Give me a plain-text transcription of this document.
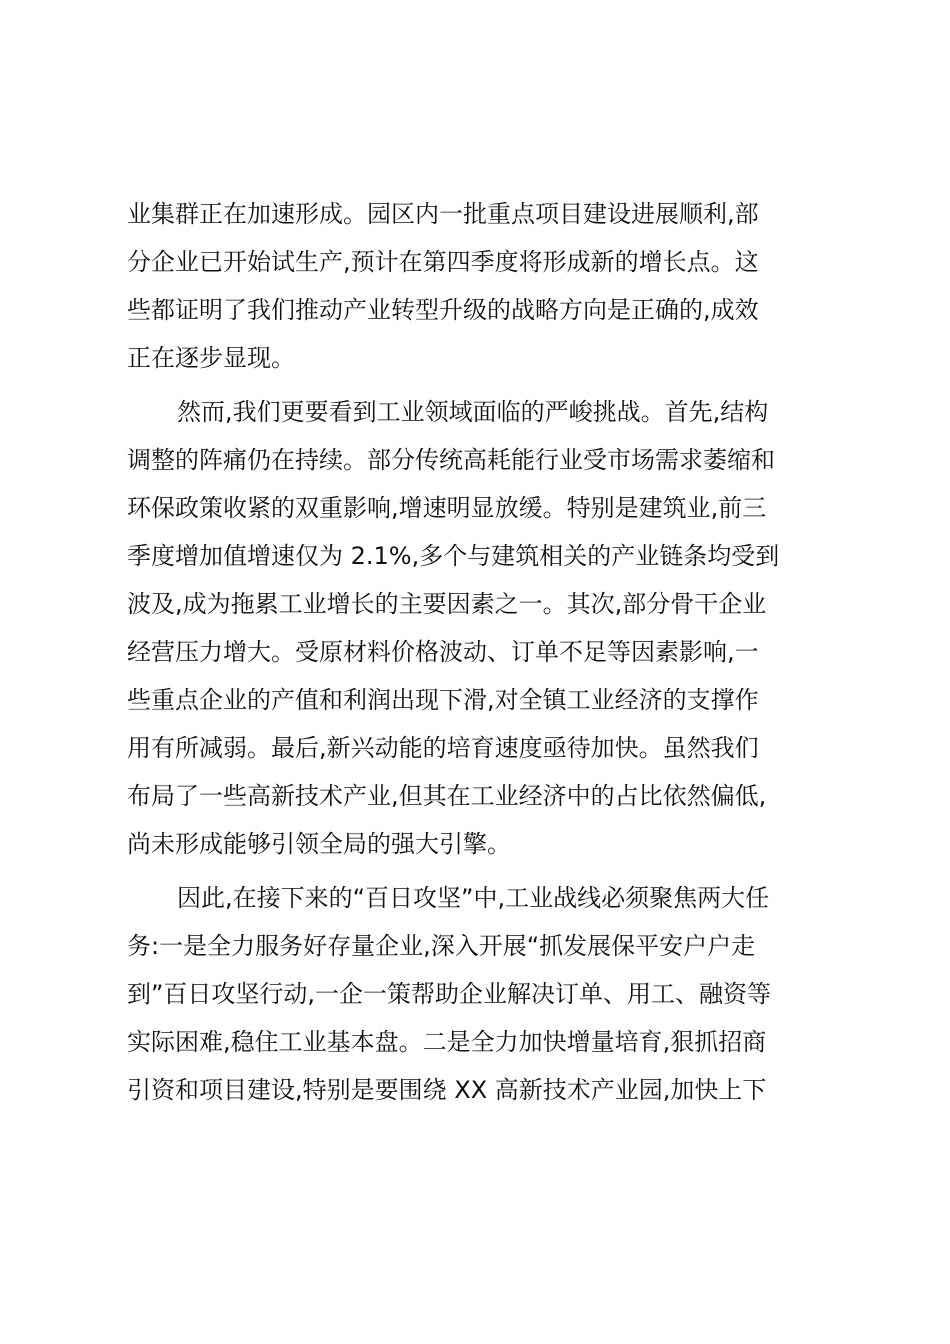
业集群正在加速形成。园区内一批重点项目建设进展顺利,部
分企业已开始试生产,预计在第四季度将形成新的增长点。这
些都证明了我们推动产业转型升级的战略方向是正确的,成效
正在逐步显现。

然而,我们更要看到工业领域面临的严峻挑战。首先,结构
调整的阵痛仍在持续。部分传统高耗能行业受市场需求萎缩和
环保政策收紧的双重影响,增速明显放缓。特别是建筑业,前三
季度增加值增速仅为 2.1%,多个与建筑相关的产业链条均受到
波及,成为拖累工业增长的主要因素之一。其次,部分骨干企业
经营压力增大。受原材料价格波动、订单不足等因素影响,一
些重点企业的产值和利润出现下滑,对全镇工业经济的支撑作
用有所减弱。最后,新兴动能的培育速度亟待加快。虽然我们
布局了一些高新技术产业,但其在工业经济中的占比依然偏低,
尚未形成能够引领全局的强大引擎。

因此,在接下来的“百日攻坚”中,工业战线必须聚焦两大任
务:一是全力服务好存量企业,深入开展“抓发展保平安户户走
到”百日攻坚行动,一企一策帮助企业解决订单、用工、融资等
实际困难,稳住工业基本盘。二是全力加快增量培育,狠抓招商
引资和项目建设,特别是要围绕 XX 高新技术产业园,加快上下
